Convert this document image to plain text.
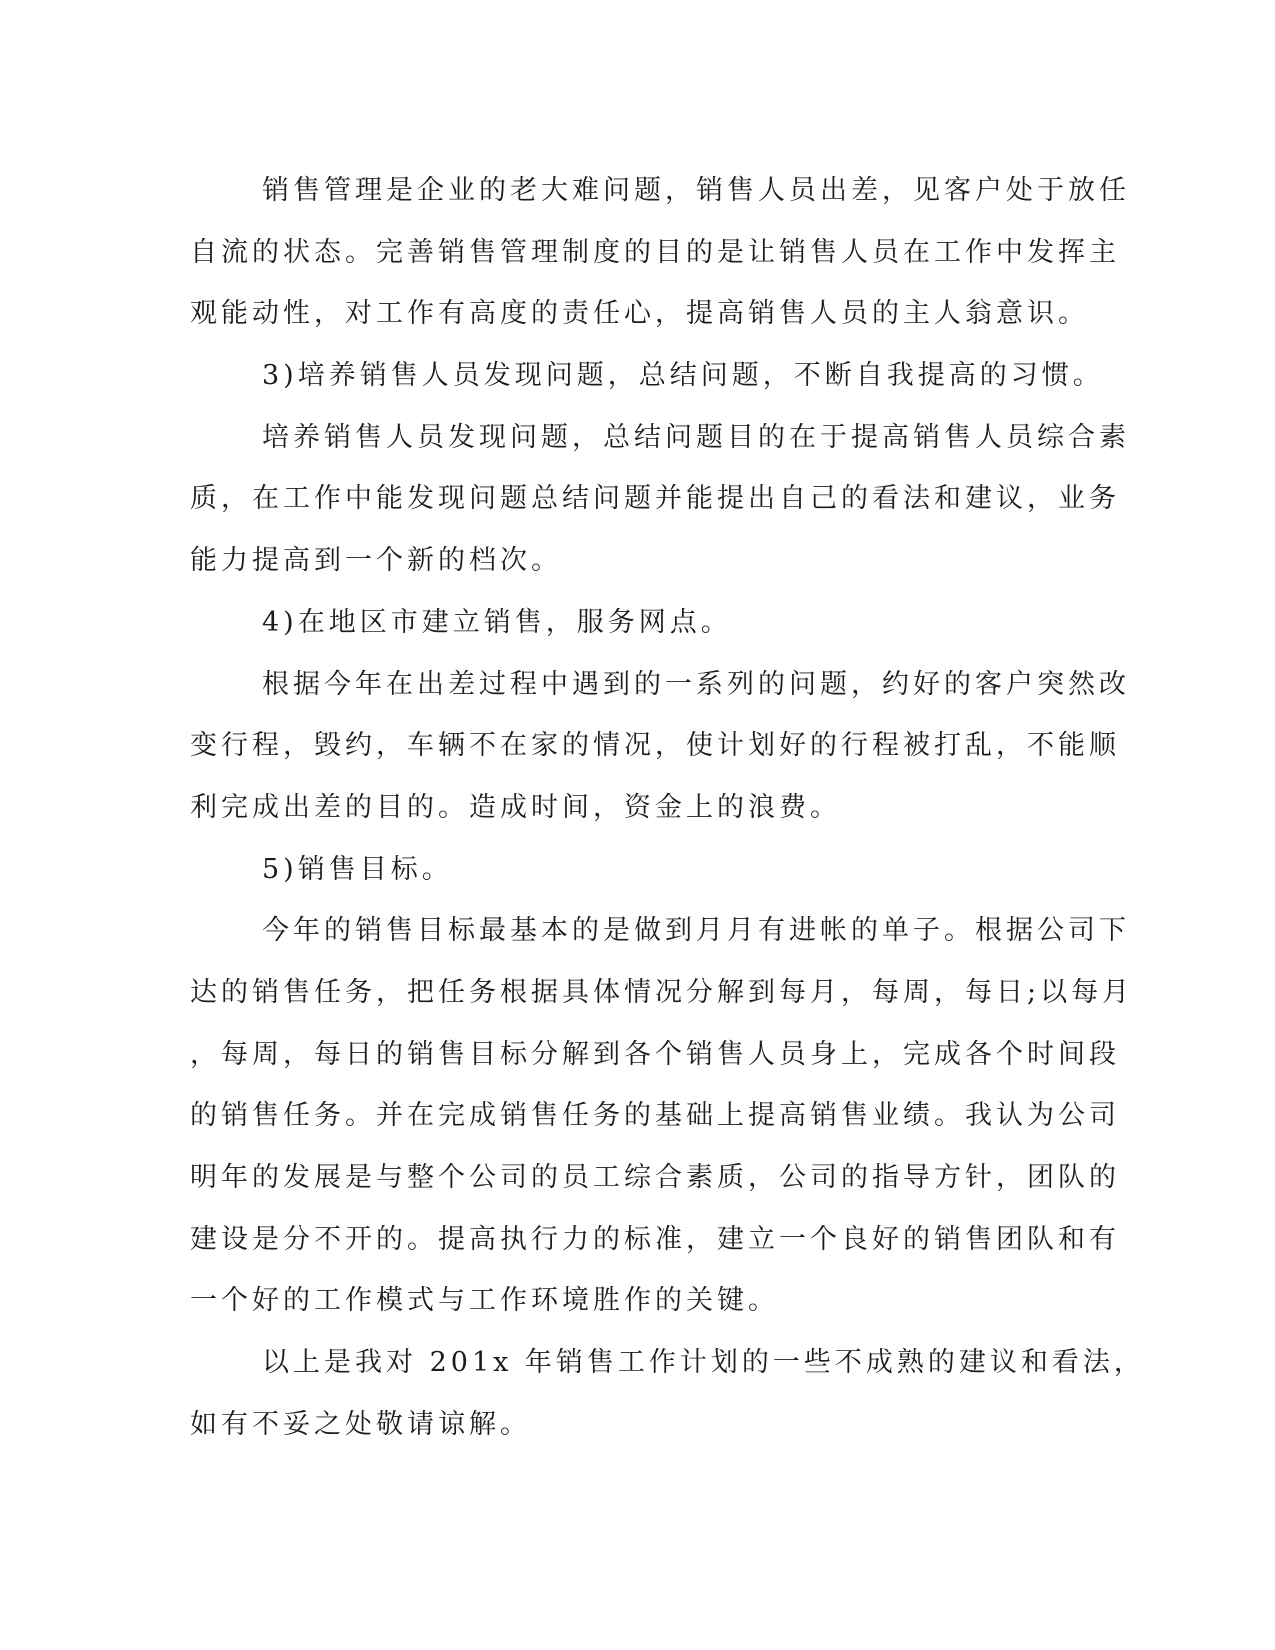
销售管理是企业的老大难问题，销售人员出差，见客户处于放任
自流的状态。完善销售管理制度的目的是让销售人员在工作中发挥主
观能动性，对工作有高度的责任心，提高销售人员的主人翁意识。
3)培养销售人员发现问题，总结问题，不断自我提高的习惯。
培养销售人员发现问题，总结问题目的在于提高销售人员综合素
质，在工作中能发现问题总结问题并能提出自己的看法和建议，业务
能力提高到一个新的档次。
4)在地区市建立销售，服务网点。
根据今年在出差过程中遇到的一系列的问题，约好的客户突然改
变行程，毁约，车辆不在家的情况，使计划好的行程被打乱，不能顺
利完成出差的目的。造成时间，资金上的浪费。
5)销售目标。
今年的销售目标最基本的是做到月月有进帐的单子。根据公司下
达的销售任务，把任务根据具体情况分解到每月，每周，每日;以每月
，每周，每日的销售目标分解到各个销售人员身上，完成各个时间段
的销售任务。并在完成销售任务的基础上提高销售业绩。我认为公司
明年的发展是与整个公司的员工综合素质，公司的指导方针，团队的
建设是分不开的。提高执行力的标准，建立一个良好的销售团队和有
一个好的工作模式与工作环境胜作的关键。
以上是我对 201x 年销售工作计划的一些不成熟的建议和看法，
如有不妥之处敬请谅解。
